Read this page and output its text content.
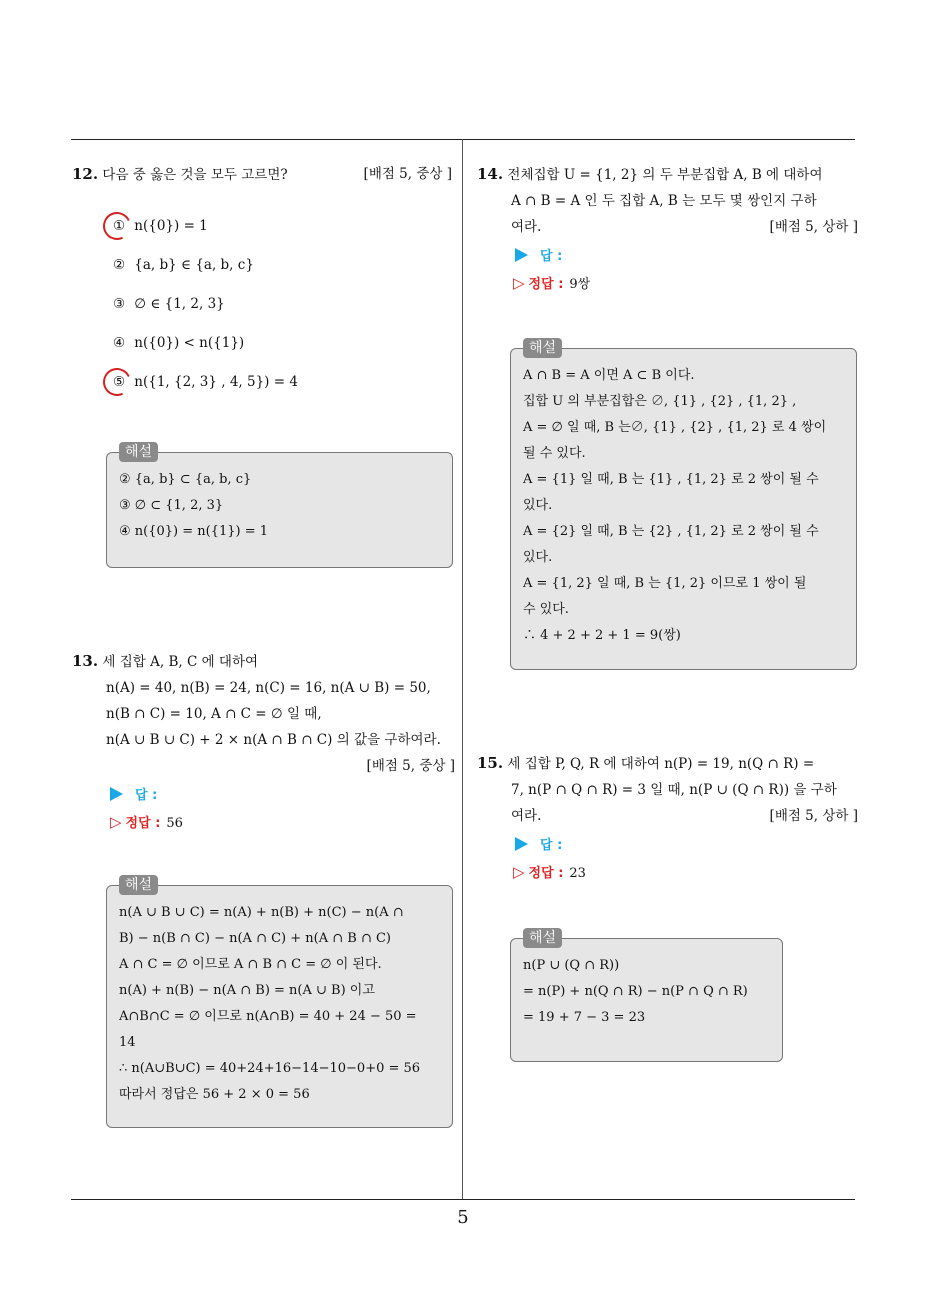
12. 다음 중 옳은 것을 모두 고르면?	[배점 5, 중상 ]
① n({0}) = 1
② {a, b} ∈ {a, b, c}
③ ∅ ∈ {1, 2, 3}
④ n({0}) < n({1})
⑤ n({1, {2, 3} , 4, 5}) = 4
해설
② {a, b} ⊂ {a, b, c}
③ ∅ ⊂ {1, 2, 3}
④ n({0}) = n({1}) = 1
13. 세 집합 A, B, C 에 대하여
n(A) = 40, n(B) = 24, n(C) = 16, n(A ∪ B) = 50,
n(B ∩ C) = 10, A ∩ C = ∅ 일 때,
n(A ∪ B ∪ C) + 2 × n(A ∩ B ∩ C) 의 값을 구하여라.
[배점 5, 중상 ]
답 :
▷ 정답 : 56
해설
n(A ∪ B ∪ C) = n(A) + n(B) + n(C) − n(A ∩
B) − n(B ∩ C) − n(A ∩ C) + n(A ∩ B ∩ C)
A ∩ C = ∅ 이므로 A ∩ B ∩ C = ∅ 이 된다.
n(A) + n(B) − n(A ∩ B) = n(A ∪ B) 이고
A∩B∩C = ∅ 이므로 n(A∩B) = 40 + 24 − 50 =
14
∴ n(A∪B∪C) = 40+24+16−14−10−0+0 = 56
따라서 정답은 56 + 2 × 0 = 56
14. 전체집합 U = {1, 2} 의 두 부분집합 A, B 에 대하여
A ∩ B = A 인 두 집합 A, B 는 모두 몇 쌍인지 구하
여라.	[배점 5, 상하 ]
답 :
▷ 정답 : 9쌍
해설
A ∩ B = A 이면 A ⊂ B 이다.
집합 U 의 부분집합은 ∅, {1} , {2} , {1, 2} ,
A = ∅ 일 때, B 는∅, {1} , {2} , {1, 2} 로 4 쌍이
될 수 있다.
A = {1} 일 때, B 는 {1} , {1, 2} 로 2 쌍이 될 수
있다.
A = {2} 일 때, B 는 {2} , {1, 2} 로 2 쌍이 될 수
있다.
A = {1, 2} 일 때, B 는 {1, 2} 이므로 1 쌍이 될
수 있다.
∴ 4 + 2 + 2 + 1 = 9(쌍)
15. 세 집합 P, Q, R 에 대하여 n(P) = 19, n(Q ∩ R) =
7, n(P ∩ Q ∩ R) = 3 일 때, n(P ∪ (Q ∩ R)) 을 구하
여라.	[배점 5, 상하 ]
답 :
▷ 정답 : 23
해설
n(P ∪ (Q ∩ R))
= n(P) + n(Q ∩ R) − n(P ∩ Q ∩ R)
= 19 + 7 − 3 = 23
5
